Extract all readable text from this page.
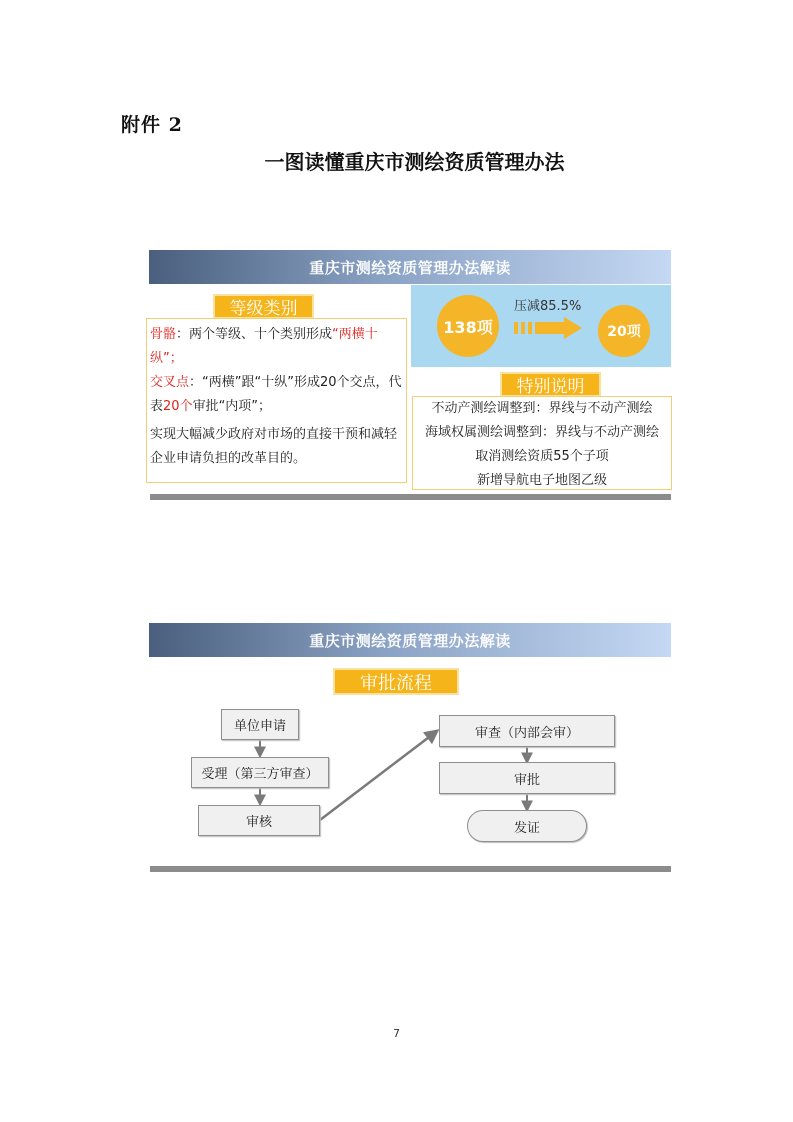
附件 2
一图读懂重庆市测绘资质管理办法
重庆市测绘资质管理办法解读
等级类别
骨骼：两个等级、十个类别形成“两横十纵”；
交叉点：“两横”跟“十纵”形成20个交点，代表20个审批“内项”；
实现大幅减少政府对市场的直接干预和减轻企业申请负担的改革目的。
138项
压减85.5%
20项
特别说明
不动产测绘调整到：界线与不动产测绘
海域权属测绘调整到：界线与不动产测绘
取消测绘资质55个子项
新增导航电子地图乙级
重庆市测绘资质管理办法解读
审批流程
单位申请
受理（第三方审查）
审核
审查（内部会审）
审批
发证
7
